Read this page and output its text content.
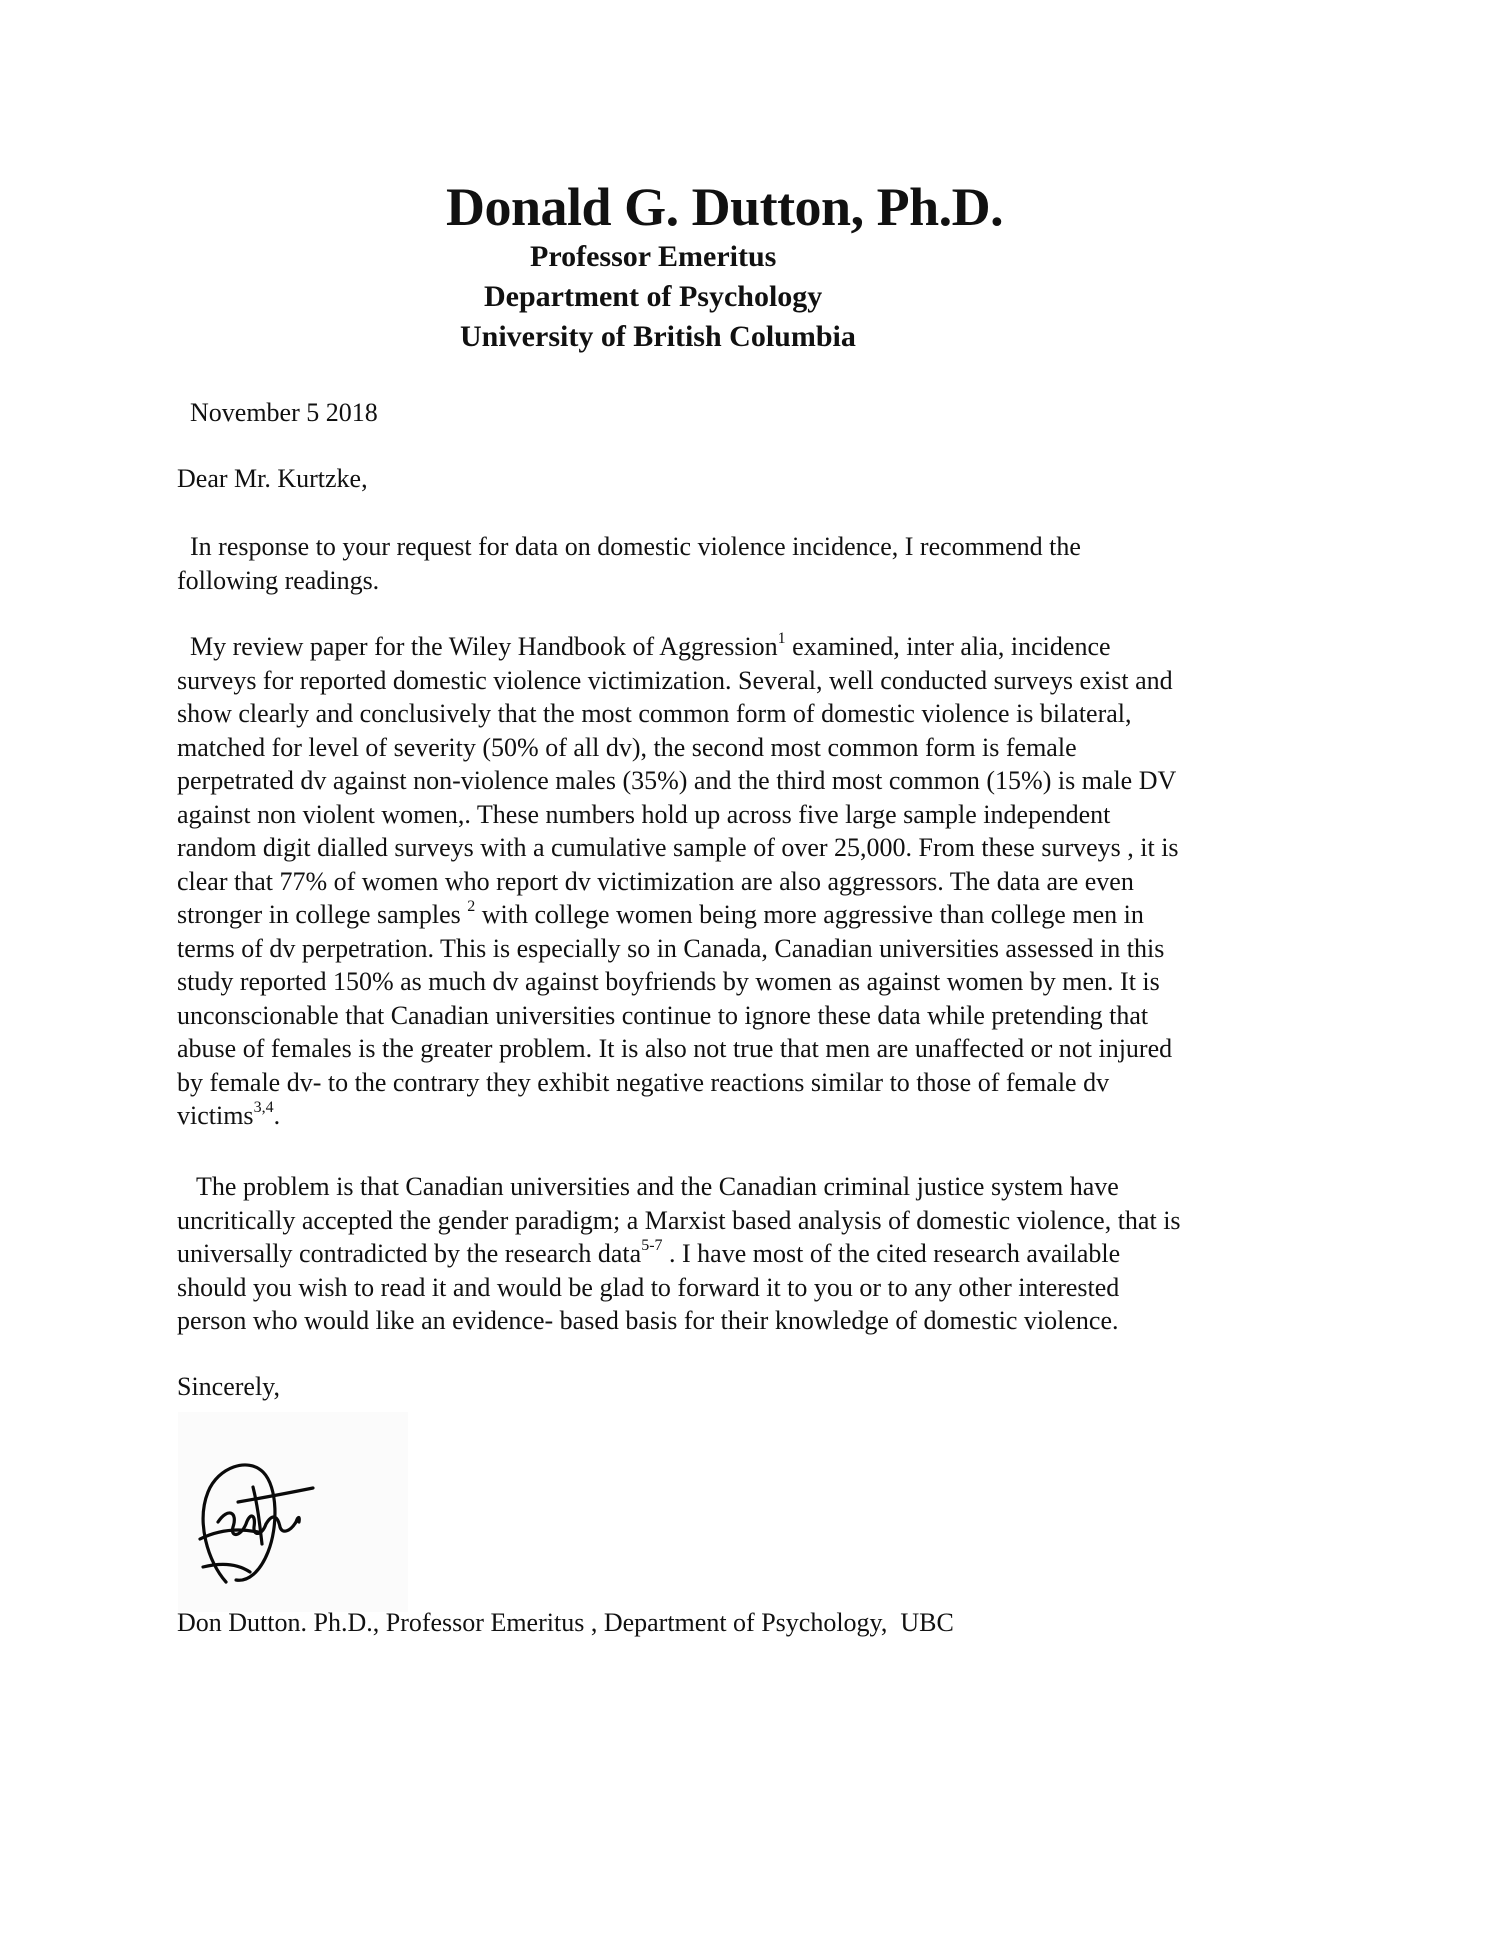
Donald G. Dutton, Ph.D.
Professor Emeritus
Department of Psychology
University of British Columbia
November 5 2018
Dear Mr. Kurtzke,
In response to your request for data on domestic violence incidence, I recommend the
following readings.
My review paper for the Wiley Handbook of Aggression$^1$ examined, inter alia, incidence
surveys for reported domestic violence victimization. Several, well conducted surveys exist and
show clearly and conclusively that the most common form of domestic violence is bilateral,
matched for level of severity (50% of all dv), the second most common form is female
perpetrated dv against non-violence males (35%) and the third most common (15%) is male DV
against non violent women,. These numbers hold up across five large sample independent
random digit dialled surveys with a cumulative sample of over 25,000. From these surveys , it is
clear that 77% of women who report dv victimization are also aggressors. The data are even
stronger in college samples $^2$ with college women being more aggressive than college men in
terms of dv perpetration. This is especially so in Canada, Canadian universities assessed in this
study reported 150% as much dv against boyfriends by women as against women by men. It is
unconscionable that Canadian universities continue to ignore these data while pretending that
abuse of females is the greater problem. It is also not true that men are unaffected or not injured
by female dv- to the contrary they exhibit negative reactions similar to those of female dv
victims$^{3,4}$.
The problem is that Canadian universities and the Canadian criminal justice system have
uncritically accepted the gender paradigm; a Marxist based analysis of domestic violence, that is
universally contradicted by the research data$^{5-7}$ . I have most of the cited research available
should you wish to read it and would be glad to forward it to you or to any other interested
person who would like an evidence- based basis for their knowledge of domestic violence.
Sincerely,
Don Dutton. Ph.D., Professor Emeritus , Department of Psychology,  UBC
